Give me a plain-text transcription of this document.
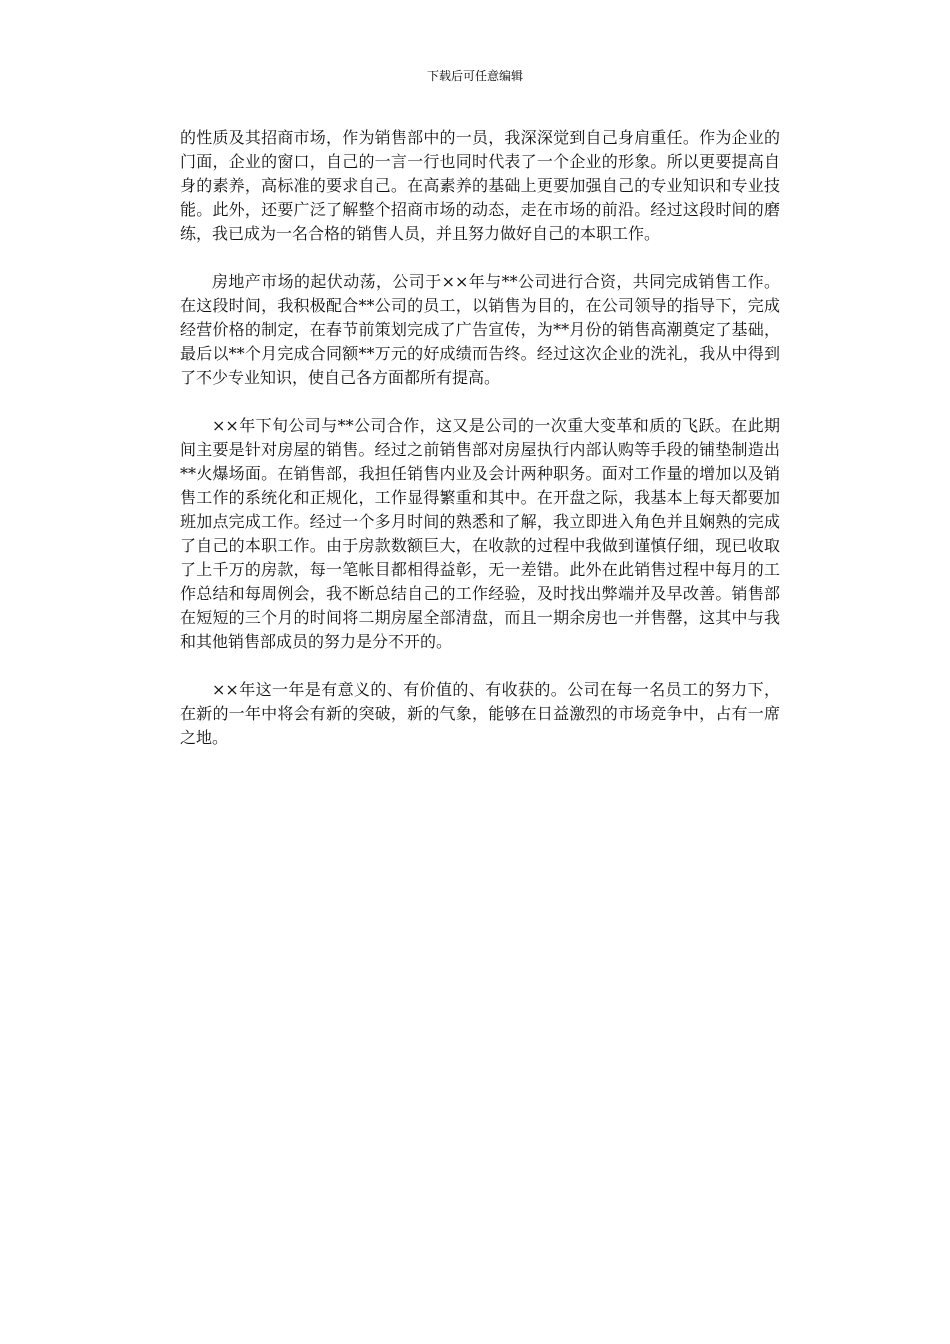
下载后可任意编辑

的性质及其招商市场，作为销售部中的一员，我深深觉到自己身肩重任。作为企业的门面，企业的窗口，自己的一言一行也同时代表了一个企业的形象。所以更要提高自身的素养，高标准的要求自己。在高素养的基础上更要加强自己的专业知识和专业技能。此外，还要广泛了解整个招商市场的动态，走在市场的前沿。经过这段时间的磨练，我已成为一名合格的销售人员，并且努力做好自己的本职工作。

房地产市场的起伏动荡，公司于××年与**公司进行合资，共同完成销售工作。在这段时间，我积极配合**公司的员工，以销售为目的，在公司领导的指导下，完成经营价格的制定，在春节前策划完成了广告宣传，为**月份的销售高潮奠定了基础，最后以**个月完成合同额**万元的好成绩而告终。经过这次企业的洗礼，我从中得到了不少专业知识，使自己各方面都所有提高。

××年下旬公司与**公司合作，这又是公司的一次重大变革和质的飞跃。在此期间主要是针对房屋的销售。经过之前销售部对房屋执行内部认购等手段的铺垫制造出**火爆场面。在销售部，我担任销售内业及会计两种职务。面对工作量的增加以及销售工作的系统化和正规化，工作显得繁重和其中。在开盘之际，我基本上每天都要加班加点完成工作。经过一个多月时间的熟悉和了解，我立即进入角色并且娴熟的完成了自己的本职工作。由于房款数额巨大，在收款的过程中我做到谨慎仔细，现已收取了上千万的房款，每一笔帐目都相得益彰，无一差错。此外在此销售过程中每月的工作总结和每周例会，我不断总结自己的工作经验，及时找出弊端并及早改善。销售部在短短的三个月的时间将二期房屋全部清盘，而且一期余房也一并售罄，这其中与我和其他销售部成员的努力是分不开的。

××年这一年是有意义的、有价值的、有收获的。公司在每一名员工的努力下，在新的一年中将会有新的突破，新的气象，能够在日益激烈的市场竞争中，占有一席之地。
